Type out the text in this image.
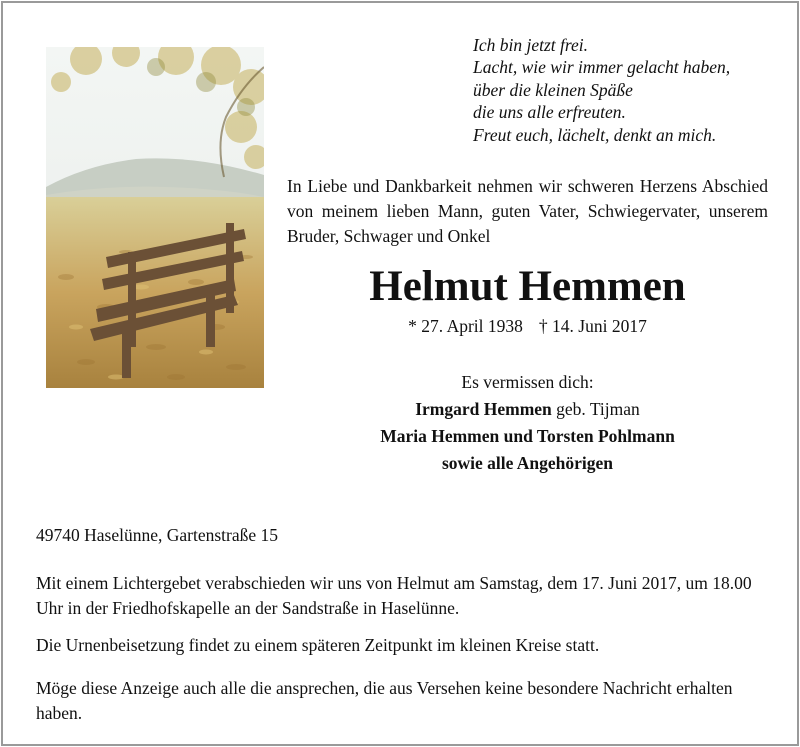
Ich bin jetzt frei.
Lacht, wie wir immer gelacht haben,
über die kleinen Späße
die uns alle erfreuten.
Freut euch, lächelt, denkt an mich.
In Liebe und Dankbarkeit nehmen wir schweren Herzens Abschied von meinem lieben Mann, guten Vater, Schwiegervater, unserem Bruder, Schwager und Onkel
Helmut Hemmen
* 27. April 1938 † 14. Juni 2017
Es vermissen dich:
Irmgard Hemmen geb. Tijman
Maria Hemmen und Torsten Pohlmann
sowie alle Angehörigen
49740 Haselünne, Gartenstraße 15
Mit einem Lichtergebet verabschieden wir uns von Helmut am Samstag, dem 17. Juni 2017, um 18.00 Uhr in der Friedhofskapelle an der Sandstraße in Haselünne.
Die Urnenbeisetzung findet zu einem späteren Zeitpunkt im kleinen Kreise statt.
Möge diese Anzeige auch alle die ansprechen, die aus Versehen keine besondere Nachricht erhalten haben.
